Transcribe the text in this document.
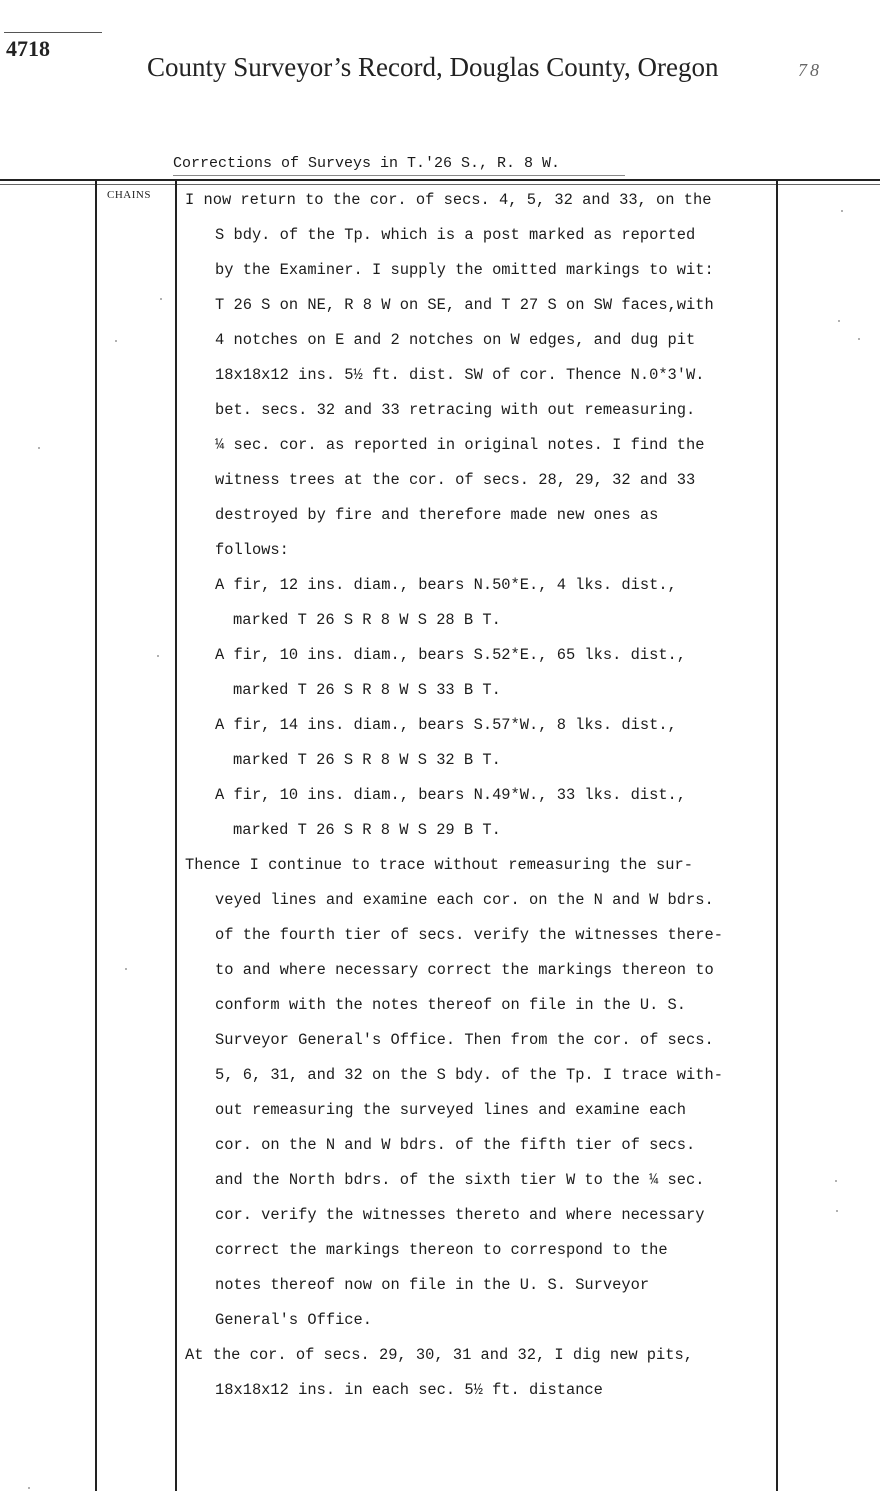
4718
County Surveyor’s Record, Douglas County, Oregon	78
Corrections of Surveys in T.'26 S., R. 8 W.
CHAINS I now return to the cor. of secs. 4, 5, 32 and 33, on the
S bdy. of the Tp. which is a post marked as reported
by the Examiner. I supply the omitted markings to wit:
T 26 S on NE, R 8 W on SE, and T 27 S on SW faces,with
4 notches on E and 2 notches on W edges, and dug pit
18x18x12 ins. 5½ ft. dist. SW of cor. Thence N.0*3'W.
bet. secs. 32 and 33 retracing with out remeasuring.
¼ sec. cor. as reported in original notes. I find the
witness trees at the cor. of secs. 28, 29, 32 and 33
destroyed by fire and therefore made new ones as
follows:
A fir, 12 ins. diam., bears N.50*E., 4 lks. dist.,
marked T 26 S R 8 W S 28 B T.
A fir, 10 ins. diam., bears S.52*E., 65 lks. dist.,
marked T 26 S R 8 W S 33 B T.
A fir, 14 ins. diam., bears S.57*W., 8 lks. dist.,
marked T 26 S R 8 W S 32 B T.
A fir, 10 ins. diam., bears N.49*W., 33 lks. dist.,
marked T 26 S R 8 W S 29 B T.
Thence I continue to trace without remeasuring the sur-
veyed lines and examine each cor. on the N and W bdrs.
of the fourth tier of secs. verify the witnesses there-
to and where necessary correct the markings thereon to
conform with the notes thereof on file in the U. S.
Surveyor General's Office. Then from the cor. of secs.
5, 6, 31, and 32 on the S bdy. of the Tp. I trace with-
out remeasuring the surveyed lines and examine each
cor. on the N and W bdrs. of the fifth tier of secs.
and the North bdrs. of the sixth tier W to the ¼ sec.
cor. verify the witnesses thereto and where necessary
correct the markings thereon to correspond to the
notes thereof now on file in the U. S. Surveyor
General's Office.
At the cor. of secs. 29, 30, 31 and 32, I dig new pits,
18x18x12 ins. in each sec. 5½ ft. distance
